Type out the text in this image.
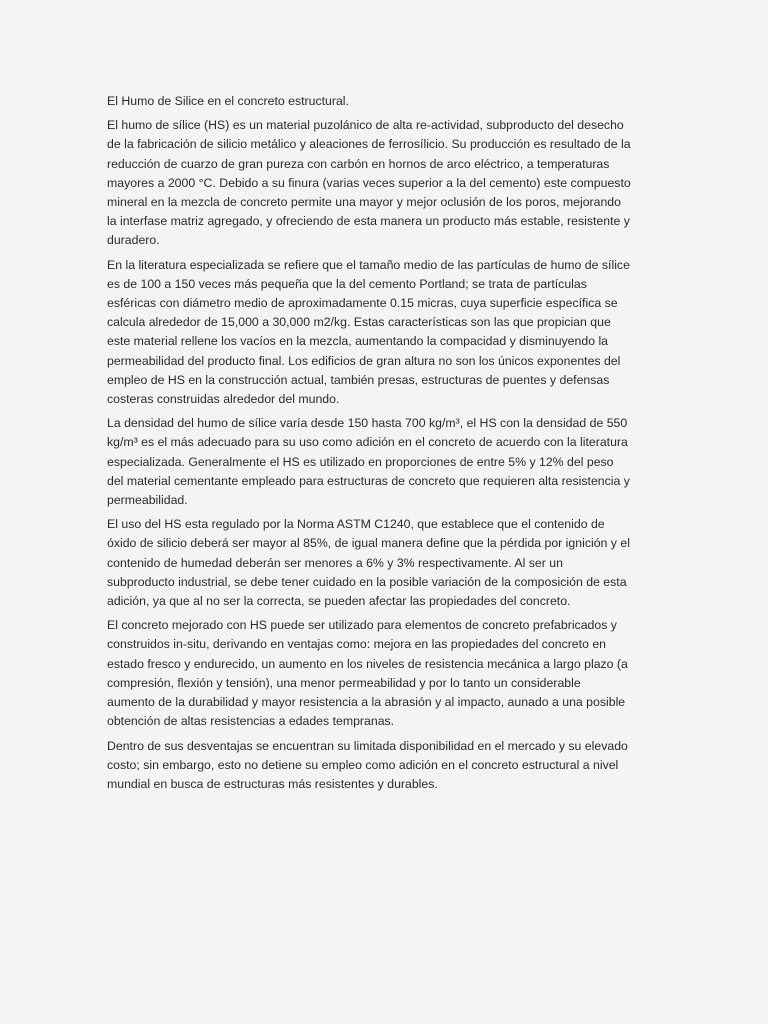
El Humo de Silice en el concreto estructural.

El humo de sílice (HS) es un material puzolánico de alta re-actividad, subproducto del desecho de la fabricación de silicio metálico y aleaciones de ferrosílicio. Su producción es resultado de la reducción de cuarzo de gran pureza con carbón en hornos de arco eléctrico, a temperaturas mayores a 2000 °C. Debido a su finura (varias veces superior a la del cemento) este compuesto mineral en la mezcla de concreto permite una mayor y mejor oclusión de los poros, mejorando la interfase matriz agregado, y ofreciendo de esta manera un producto más estable, resistente y duradero.

En la literatura especializada se refiere que el tamaño medio de las partículas de humo de sílice es de 100 a 150 veces más pequeña que la del cemento Portland; se trata de partículas esféricas con diámetro medio de aproximadamente 0.15 micras, cuya superficie específica se calcula alrededor de 15,000 a 30,000 m2/kg. Estas características son las que propician que este material rellene los vacíos en la mezcla, aumentando la compacidad y disminuyendo la permeabilidad del producto final. Los edificios de gran altura no son los únicos exponentes del empleo de HS en la construcción actual, también presas, estructuras de puentes y defensas costeras construidas alrededor del mundo.

La densidad del humo de sílice varía desde 150 hasta 700 kg/m³, el HS con la densidad de 550 kg/m³ es el más adecuado para su uso como adición en el concreto de acuerdo con la literatura especializada. Generalmente el HS es utilizado en proporciones de entre 5% y 12% del peso del material cementante empleado para estructuras de concreto que requieren alta resistencia y permeabilidad.

El uso del HS esta regulado por la Norma ASTM C1240, que establece que el contenido de óxido de silicio deberá ser mayor al 85%, de igual manera define que la pérdida por ignición y el contenido de humedad deberán ser menores a 6% y 3% respectivamente. Al ser un subproducto industrial, se debe tener cuidado en la posible variación de la composición de esta adición, ya que al no ser la correcta, se pueden afectar las propiedades del concreto.

El concreto mejorado con HS puede ser utilizado para elementos de concreto prefabricados y construidos in-situ, derivando en ventajas como: mejora en las propiedades del concreto en estado fresco y endurecido, un aumento en los niveles de resistencia mecánica a largo plazo (a compresión, flexión y tensión), una menor permeabilidad y por lo tanto un considerable aumento de la durabilidad y mayor resistencia a la abrasión y al impacto, aunado a una posible obtención de altas resistencias a edades tempranas.

Dentro de sus desventajas se encuentran su limitada disponibilidad en el mercado y su elevado costo; sin embargo, esto no detiene su empleo como adición en el concreto estructural a nivel mundial en busca de estructuras más resistentes y durables.
